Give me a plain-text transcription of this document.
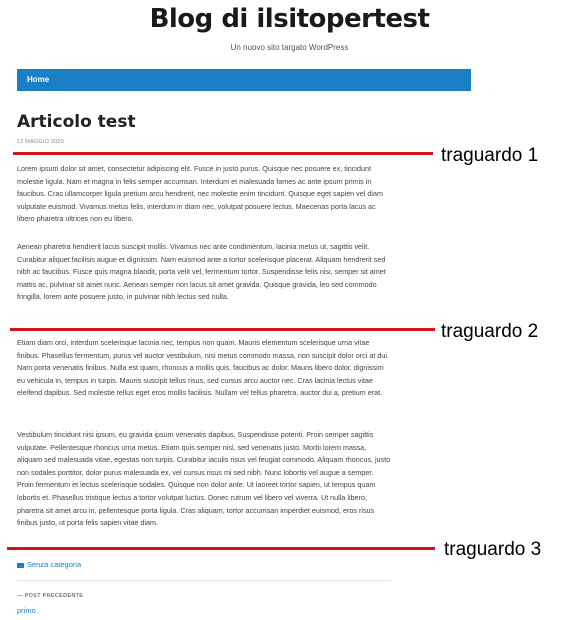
Blog di ilsitopertest
Un nuovo sito targato WordPress
Home
Articolo test
12 MAGGIO 2020

Lorem ipsum dolor sit amet, consectetur adipiscing elit. Fusce in justo purus. Quisque nec posuere ex, tincidunt molestie ligula. Nam et magna in felis semper accumsan. Interdum et malesuada fames ac ante ipsum primis in faucibus. Cras ullamcorper ligula pretium arcu hendrerit, nec molestie enim tincidunt. Quisque eget sapien vel diam vulputate euismod. Vivamus metus felis, interdum in diam nec, volutpat posuere lectus. Maecenas porta lacus ac libero pharetra ultrices non eu libero.

traguardo 1

Aenean pharetra hendrerit lacus suscipit mollis. Vivamus nec ante condimentum, lacinia metus ut, sagittis velit. Curabitur aliquet facilisis augue et dignissim. Nam euismod ante a tortor scelerisque placerat. Aliquam hendrerit sed nibh ac faucibus. Fusce quis magna blandit, porta velit vel, fermentum tortor. Suspendisse felis nisi, semper sit amet mattis ac, pulvinar sit amet nunc. Aenean semper non lacus sit amet gravida. Quisque gravida, leo sed commodo fringilla, lorem ante posuere justo, in pulvinar nibh lectus sed nulla.

traguardo 2

Etiam diam orci, interdum scelerisque lacinia nec, tempus non quam. Mauris elementum scelerisque urna vitae finibus. Phasellus fermentum, purus vel auctor vestibulum, nisi metus commodo massa, non suscipit dolor orci at dui. Nam porta venenatis finibus. Nulla est quam, rhoncus a mollis quis, faucibus ac dolor. Mauris libero dolor, dignissim eu vehicula in, tempus in turpis. Mauris suscipit tellus risus, sed cursus arcu auctor nec. Cras lacinia lectus vitae eleifend dapibus. Sed molestie tellus eget eros mollis facilisis. Nullam vel tellus pharetra, auctor dui a, pretium erat.

Vestibulum tincidunt nisi ipsum, eu gravida ipsum venenatis dapibus. Suspendisse potenti. Proin semper sagittis vulputate. Pellentesque rhoncus urna metus. Etiam quis semper nisl, sed venenatis justo. Morbi lorem massa, aliquam sed malesuada vitae, egestas non turpis. Curabitur iaculis risus vel feugiat commodo. Aliquam rhoncus, justo non sodales porttitor, dolor purus malesuada ex, vel cursus risus mi sed nibh. Nunc lobortis vel augue a semper. Proin fermentum et lectus scelerisque sodales. Quisque non dolor ante. Ut laoreet tortor sapien, ut tempus quam lobortis et. Phasellus tristique lectus a tortor volutpat luctus. Donec rutrum vel libero vel viverra. Ut nulla libero, pharetra sit amet arcu in, pellentesque porta ligula. Cras aliquam, tortor accumsan imperdiet euismod, eros risus finibus justo, ut porta felis sapien vitae diam.

traguardo 3
Senza categoria
— POST PRECEDENTE
primo
